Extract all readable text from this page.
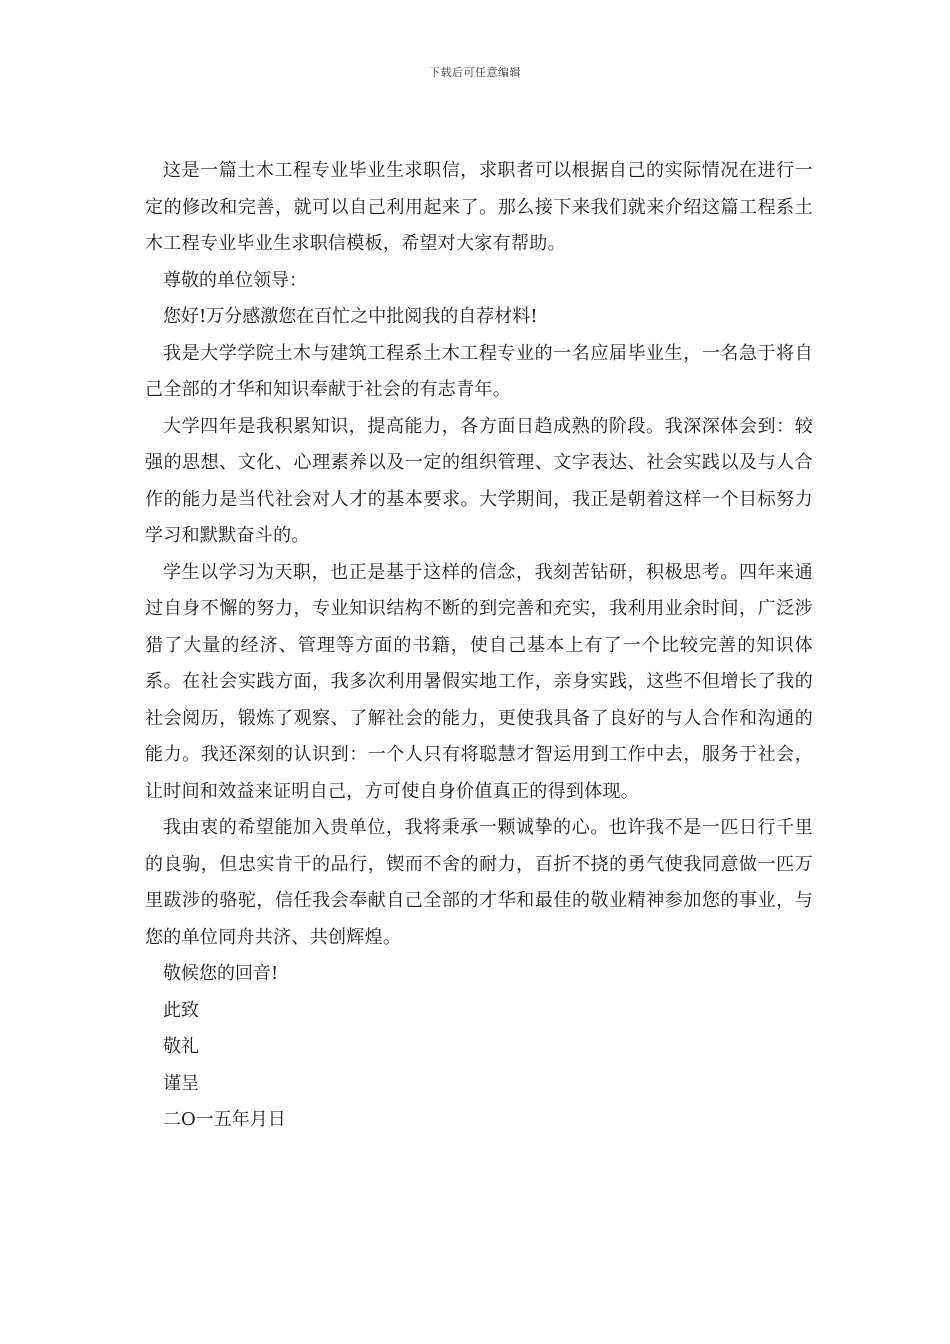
下载后可任意编辑

这是一篇土木工程专业毕业生求职信，求职者可以根据自己的实际情况在进行一定的修改和完善，就可以自己利用起来了。那么接下来我们就来介绍这篇工程系土木工程专业毕业生求职信模板，希望对大家有帮助。

尊敬的单位领导：

您好!万分感激您在百忙之中批阅我的自荐材料!

我是大学学院土木与建筑工程系土木工程专业的一名应届毕业生，一名急于将自己全部的才华和知识奉献于社会的有志青年。

大学四年是我积累知识，提高能力，各方面日趋成熟的阶段。我深深体会到：较强的思想、文化、心理素养以及一定的组织管理、文字表达、社会实践以及与人合作的能力是当代社会对人才的基本要求。大学期间，我正是朝着这样一个目标努力学习和默默奋斗的。

学生以学习为天职，也正是基于这样的信念，我刻苦钻研，积极思考。四年来通过自身不懈的努力，专业知识结构不断的到完善和充实，我利用业余时间，广泛涉猎了大量的经济、管理等方面的书籍，使自己基本上有了一个比较完善的知识体系。在社会实践方面，我多次利用暑假实地工作，亲身实践，这些不但增长了我的社会阅历，锻炼了观察、了解社会的能力，更使我具备了良好的与人合作和沟通的能力。我还深刻的认识到：一个人只有将聪慧才智运用到工作中去，服务于社会，让时间和效益来证明自己，方可使自身价值真正的得到体现。

我由衷的希望能加入贵单位，我将秉承一颗诚挚的心。也许我不是一匹日行千里的良驹，但忠实肯干的品行，锲而不舍的耐力，百折不挠的勇气使我同意做一匹万里跋涉的骆驼，信任我会奉献自己全部的才华和最佳的敬业精神参加您的事业，与您的单位同舟共济、共创辉煌。

敬候您的回音!

此致

敬礼

谨呈

二O一五年月日
